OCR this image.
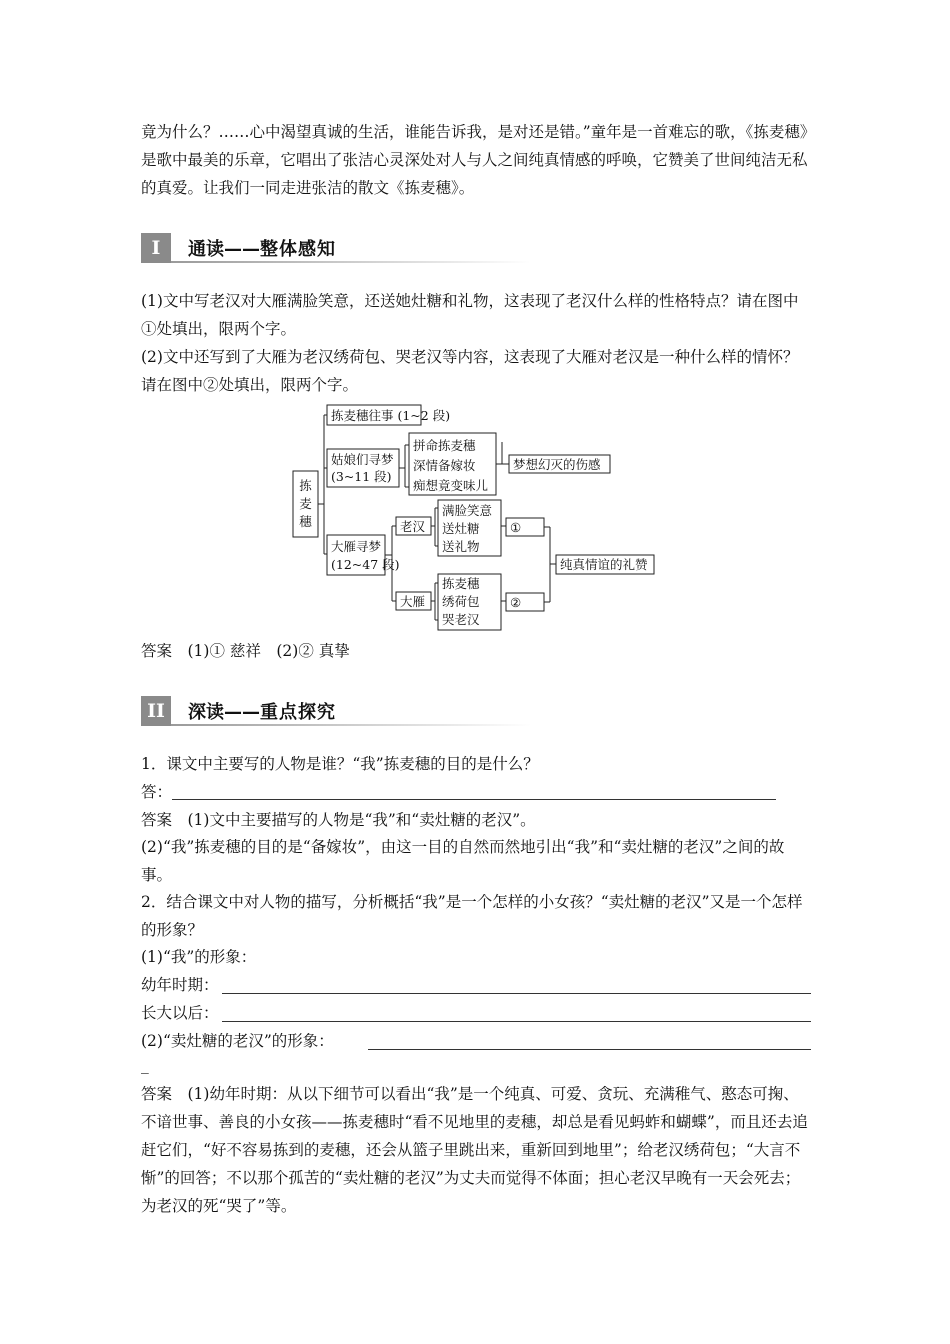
竟为什么？……心中渴望真诚的生活，谁能告诉我，是对还是错。”童年是一首难忘的歌，《拣麦穗》是歌中最美的乐章，它唱出了张洁心灵深处对人与人之间纯真情感的呼唤，它赞美了世间纯洁无私的真爱。让我们一同走进张洁的散文《拣麦穗》。

I	通读——整体感知

(1)文中写老汉对大雁满脸笑意，还送她灶糖和礼物，这表现了老汉什么样的性格特点？请在图中①处填出，限两个字。

(2)文中还写到了大雁为老汉绣荷包、哭老汉等内容，这表现了大雁对老汉是一种什么样的情怀？请在图中②处填出，限两个字。

拣
麦
穗
拣麦穗往事 (1~2 段)
姑娘们寻梦
(3~11 段)
拼命拣麦穗
深情备嫁妆
痴想竟变味儿
梦想幻灭的伤感
大雁寻梦
(12~47 段)
老汉
满脸笑意
送灶糖
送礼物
①
大雁
拣麦穗
绣荷包
哭老汉
②
纯真情谊的礼赞
答案　(1)① 慈祥　(2)② 真挚
II	深读——重点探究
1．课文中主要写的人物是谁？“我”拣麦穗的目的是什么？
答：
答案　(1)文中主要描写的人物是“我”和“卖灶糖的老汉”。

(2)“我”拣麦穗的目的是“备嫁妆”，由这一目的自然而然地引出“我”和“卖灶糖的老汉”之间的故事。

2．结合课文中对人物的描写，分析概括“我”是一个怎样的小女孩？“卖灶糖的老汉”又是一个怎样的形象？

(1)“我”的形象：
幼年时期：
长大以后：
(2)“卖灶糖的老汉”的形象：
_

答案　(1)幼年时期：从以下细节可以看出“我”是一个纯真、可爱、贪玩、充满稚气、憨态可掬、不谙世事、善良的小女孩——拣麦穗时“看不见地里的麦穗，却总是看见蚂蚱和蝴蝶”，而且还去追赶它们，“好不容易拣到的麦穗，还会从篮子里跳出来，重新回到地里”；给老汉绣荷包；“大言不惭”的回答；不以那个孤苦的“卖灶糖的老汉”为丈夫而觉得不体面；担心老汉早晚有一天会死去；为老汉的死“哭了”等。
